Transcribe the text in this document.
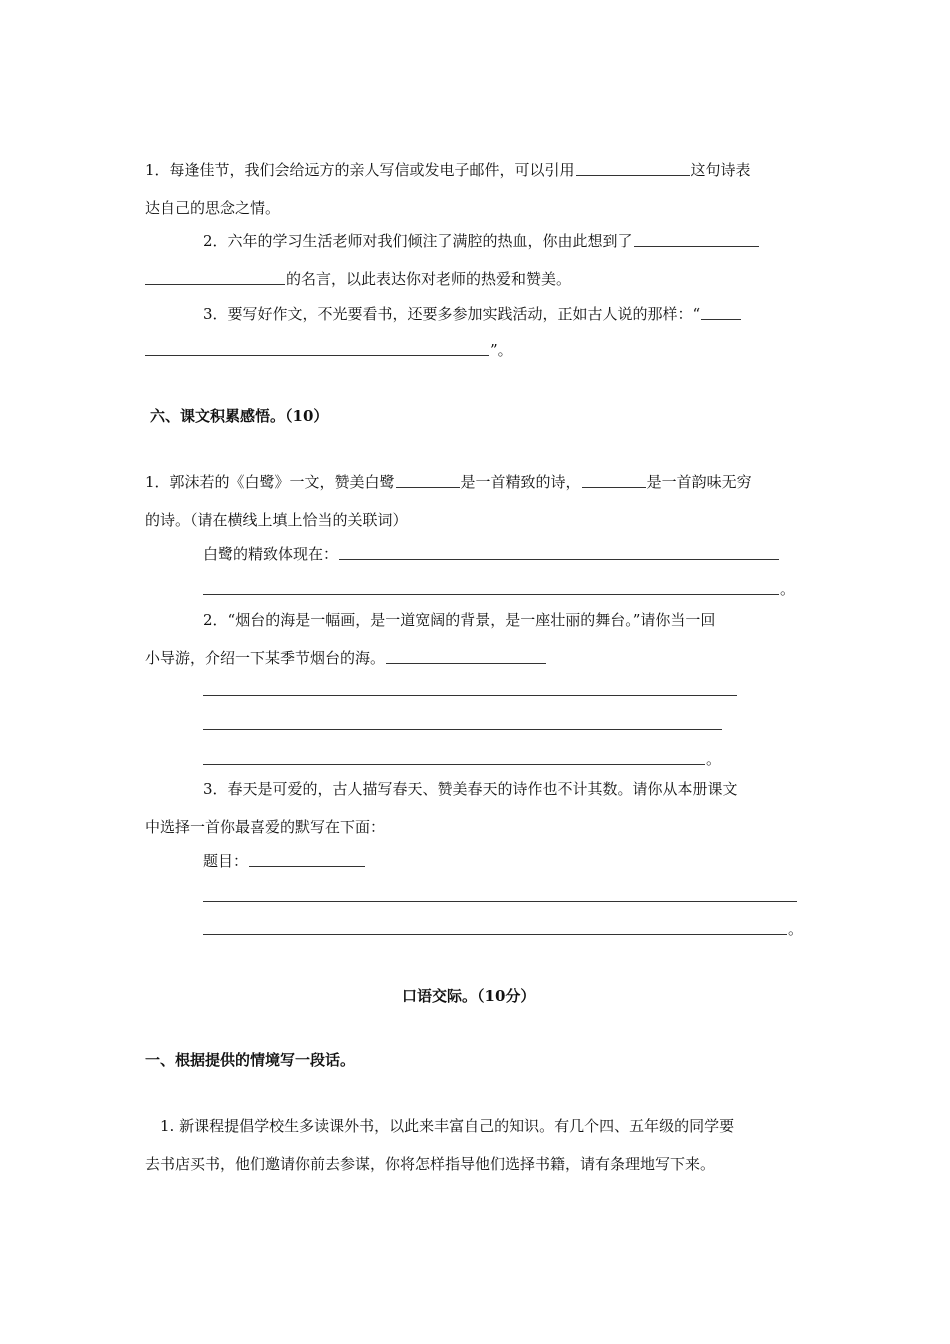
1．每逢佳节，我们会给远方的亲人写信或发电子邮件，可以引用	这句诗表
达自己的思念之情。
2．六年的学习生活老师对我们倾注了满腔的热血，你由此想到了
的名言，以此表达你对老师的热爱和赞美。
3．要写好作文，不光要看书，还要多参加实践活动，正如古人说的那样：“
”。
六、课文积累感悟。（10）
1．郭沫若的《白鹭》一文，赞美白鹭	是一首精致的诗，	是一首韵味无穷
的诗。（请在横线上填上恰当的关联词）
白鹭的精致体现在：
。
2．“烟台的海是一幅画，是一道宽阔的背景，是一座壮丽的舞台。”请你当一回
小导游，介绍一下某季节烟台的海。
。
3．春天是可爱的，古人描写春天、赞美春天的诗作也不计其数。请你从本册课文
中选择一首你最喜爱的默写在下面：
题目：
。
口语交际。（10分）
一、根据提供的情境写一段话。
1. 新课程提倡学校生多读课外书，以此来丰富自己的知识。有几个四、五年级的同学要
去书店买书，他们邀请你前去参谋，你将怎样指导他们选择书籍，请有条理地写下来。
